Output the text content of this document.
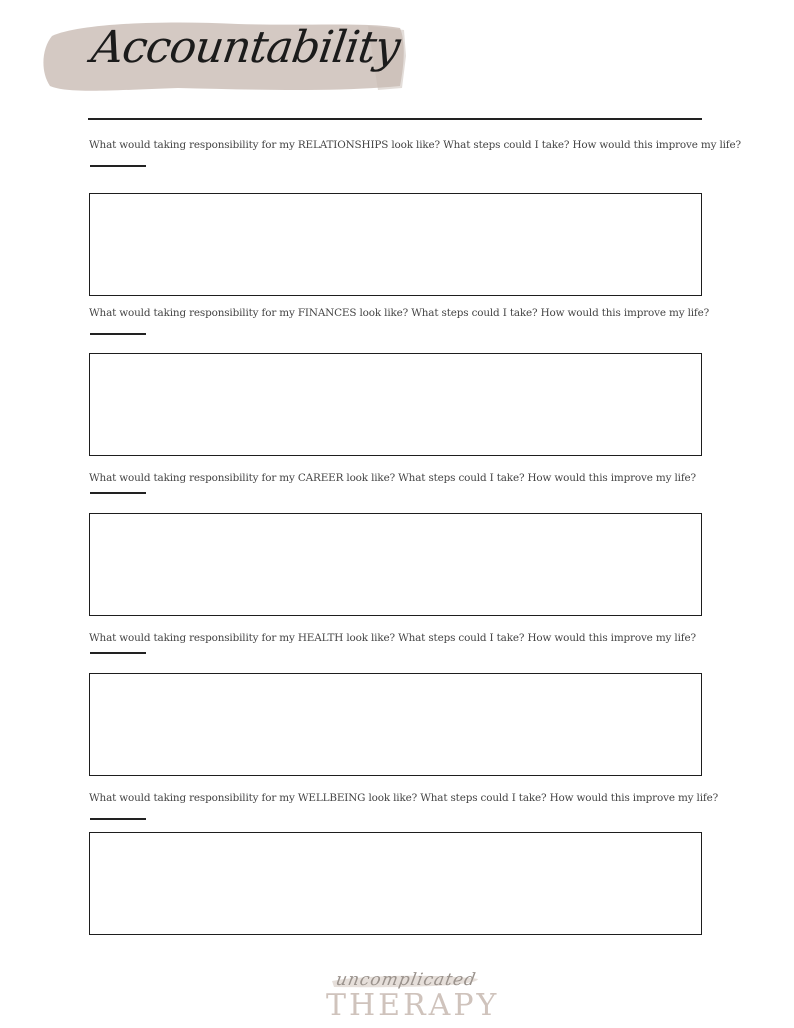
Accountability
What would taking responsibility for my RELATIONSHIPS look like? What steps could I take? How would this improve my life?
What would taking responsibility for my FINANCES look like? What steps could I take? How would this improve my life?
What would taking responsibility for my CAREER look like? What steps could I take? How would this improve my life?
What would taking responsibility for my HEALTH look like? What steps could I take? How would this improve my life?
What would taking responsibility for my WELLBEING look like? What steps could I take? How would this improve my life?
uncomplicated
THERAPY
